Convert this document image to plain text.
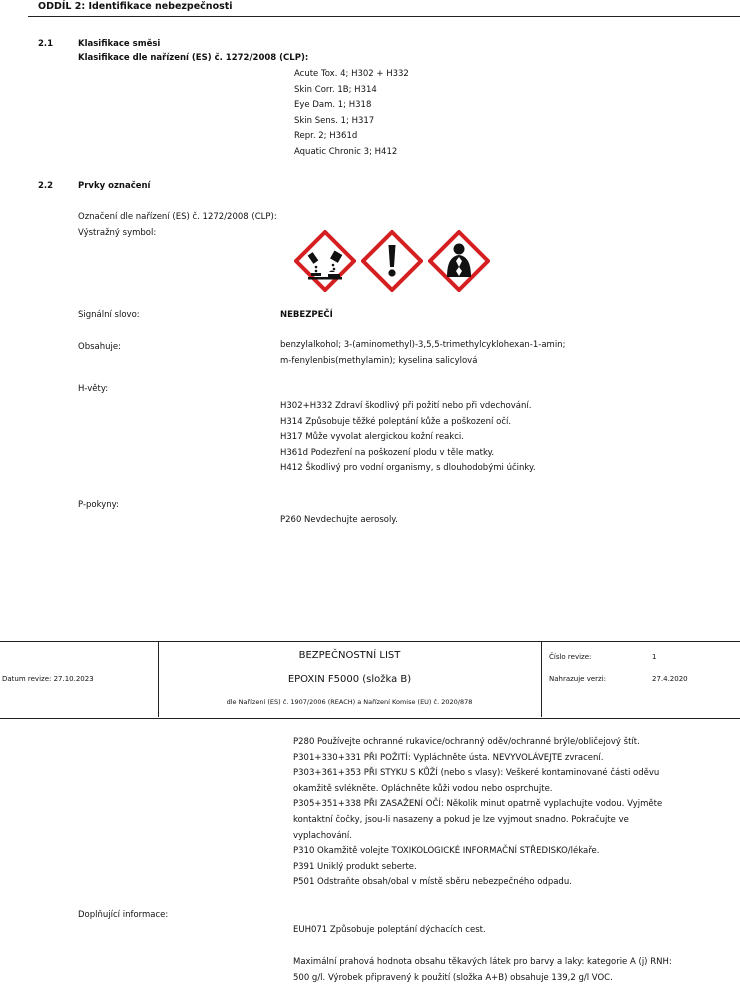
ODDÍL 2: Identifikace nebezpečnosti
2.1	Klasifikace směsi
Klasifikace dle nařízení (ES) č. 1272/2008 (CLP):
Acute Tox. 4; H302 + H332
Skin Corr. 1B; H314
Eye Dam. 1; H318
Skin Sens. 1; H317
Repr. 2; H361d
Aquatic Chronic 3; H412
2.2	Prvky označení
Označení dle nařízení (ES) č. 1272/2008 (CLP):
Výstražný symbol:
Signální slovo:	NEBEZPEČÍ
Obsahuje:	benzylalkohol; 3-(aminomethyl)-3,5,5-trimethylcyklohexan-1-amin;
m-fenylenbis(methylamin); kyselina salicylová
H-věty:
H302+H332 Zdraví škodlivý při požití nebo při vdechování.
H314 Způsobuje těžké poleptání kůže a poškození očí.
H317 Může vyvolat alergickou kožní reakci.
H361d Podezření na poškození plodu v těle matky.
H412 Škodlivý pro vodní organismy, s dlouhodobými účinky.
P-pokyny:
P260 Nevdechujte aerosoly.
Datum revize: 27.10.2023
BEZPEČNOSTNÍ LIST
EPOXIN F5000 (složka B)
dle Nařízení (ES) č. 1907/2006 (REACH) a Nařízení Komise (EU) č. 2020/878
Číslo revize:	1
Nahrazuje verzi:	27.4.2020
P280 Používejte ochranné rukavice/ochranný oděv/ochranné brýle/obličejový štít.
P301+330+331 PŘI POŽITÍ: Vypláchněte ústa. NEVYVOLÁVEJTE zvracení.
P303+361+353 PŘI STYKU S KŮŽÍ (nebo s vlasy): Veškeré kontaminované části oděvu
okamžitě svlékněte. Opláchněte kůži vodou nebo osprchujte.
P305+351+338 PŘI ZASAŽENÍ OČÍ: Několik minut opatrně vyplachujte vodou. Vyjměte
kontaktní čočky, jsou-li nasazeny a pokud je lze vyjmout snadno. Pokračujte ve
vyplachování.
P310 Okamžitě volejte TOXIKOLOGICKÉ INFORMAČNÍ STŘEDISKO/lékaře.
P391 Uniklý produkt seberte.
P501 Odstraňte obsah/obal v místě sběru nebezpečného odpadu.
Doplňující informace:
EUH071 Způsobuje poleptání dýchacích cest.
Maximální prahová hodnota obsahu těkavých látek pro barvy a laky: kategorie A (j) RNH:
500 g/l. Výrobek připravený k použití (složka A+B) obsahuje 139,2 g/l VOC.
